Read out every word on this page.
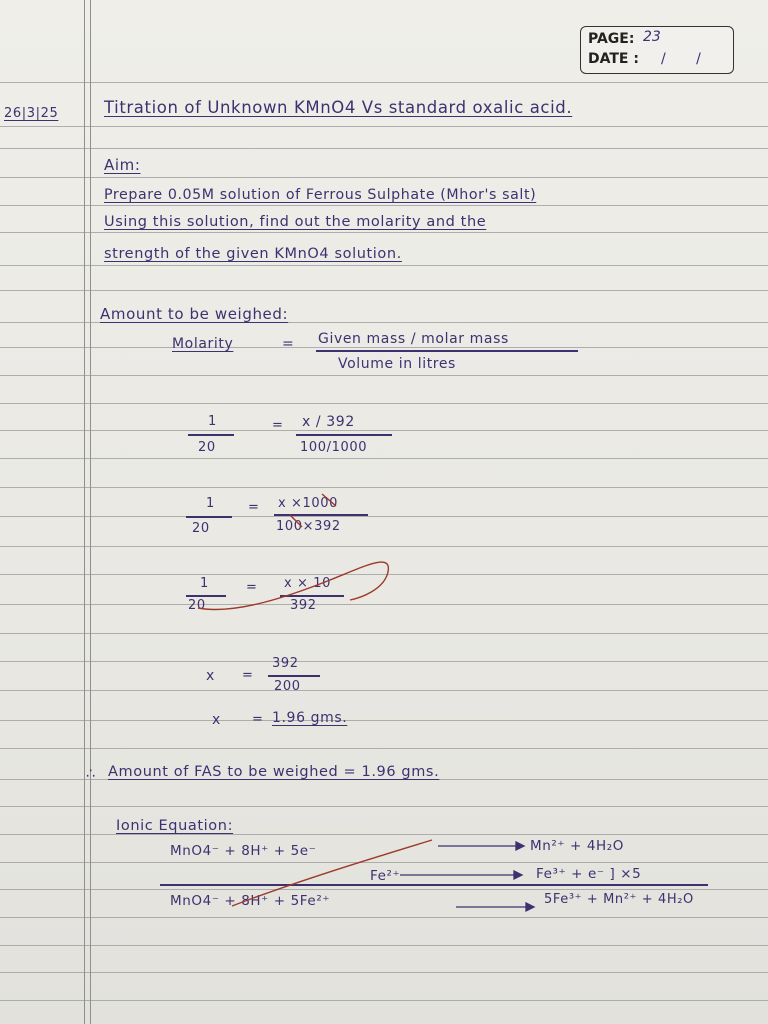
PAGE: 23
DATE : / /
26|3|25	Titration of Unknown KMnO4 Vs standard oxalic acid.
Aim:
Prepare 0.05M solution of Ferrous Sulphate (Mhor's salt)
Using this solution, find out the molarity and the
strength of the given KMnO4 solution.
Amount to be weighed:
Molarity	= Given mass / molar mass
Volume in litres
1
20
= x / 392
100/1000
1
20
= x ×1000
100×392
1
20
= x × 10
392
x =
392
200
x = 1.96 gms.
∴ Amount of FAS to be weighed = 1.96 gms.
Ionic Equation:
MnO4⁻ + 8H⁺ + 5e⁻	Mn²⁺ + 4H₂O
Fe²⁺	Fe³⁺ + e⁻ ] ×5
MnO4⁻ + 8H⁺ + 5Fe²⁺	5Fe³⁺ + Mn²⁺ + 4H₂O
